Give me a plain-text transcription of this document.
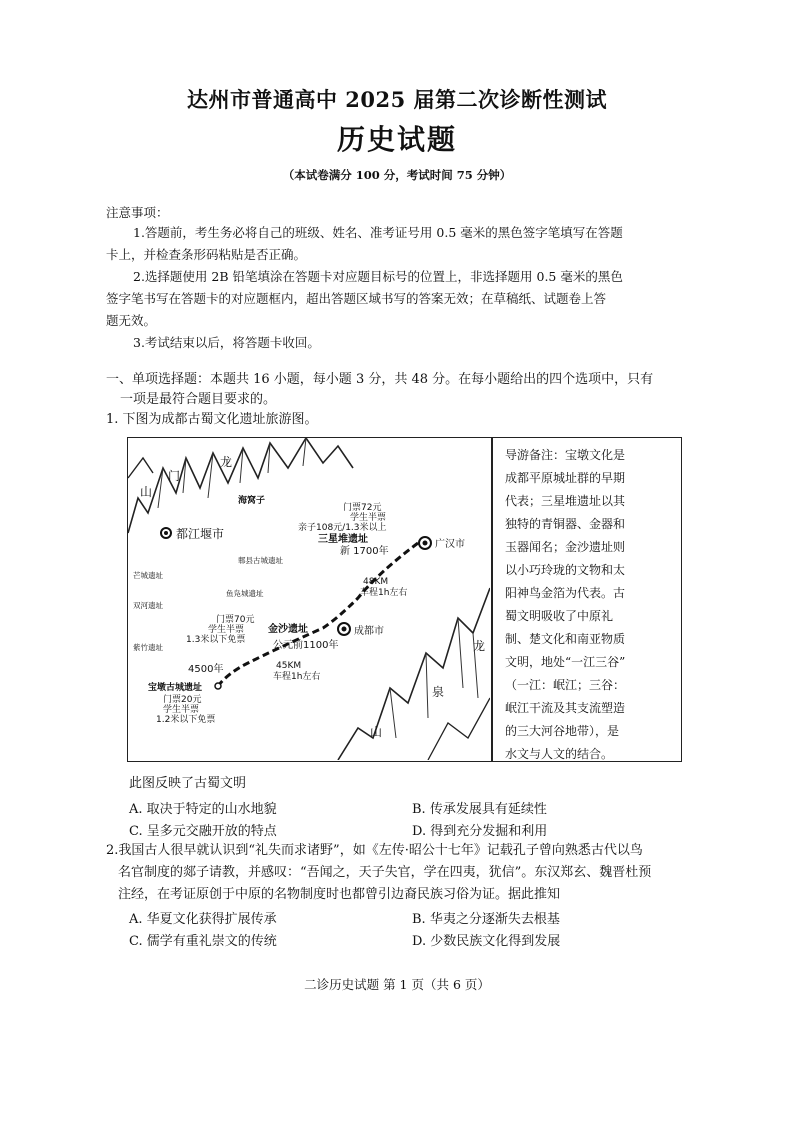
达州市普通高中 2025 届第二次诊断性测试
历史试题
（本试卷满分 100 分，考试时间 75 分钟）
注意事项：
1.答题前，考生务必将自己的班级、姓名、准考证号用 0.5 毫米的黑色签字笔填写在答题
卡上，并检查条形码粘贴是否正确。
2.选择题使用 2B 铅笔填涂在答题卡对应题目标号的位置上，非选择题用 0.5 毫米的黑色
签字笔书写在答题卡的对应题框内，超出答题区域书写的答案无效；在草稿纸、试题卷上答
题无效。
3.考试结束以后，将答题卡收回。
一、单项选择题：本题共 16 小题，每小题 3 分，共 48 分。在每小题给出的四个选项中，只有
一项是最符合题目要求的。
1. 下图为成都古蜀文化遗址旅游图。
山
门
龙
海窝子
都江堰市
门票72元
学生半票
亲子108元/1.3米以上
三星堆遗址
新 1700年
广汉市
郫县古城遗址
芒城遗址
鱼凫城遗址
双河遗址
紫竹遗址
48KM
车程1h左右
门票70元
学生半票
1.3米以下免票
金沙遗址	成都市
公元前1100年
4500年	45KM
车程1h左右
宝墩古城遗址
门票20元
学生半票
1.2米以下免票
龙
泉
山
导游备注：宝墩文化是
成都平原城址群的早期
代表；三星堆遗址以其
独特的青铜器、金器和
玉器闻名；金沙遗址则
以小巧玲珑的文物和太
阳神鸟金箔为代表。古
蜀文明吸收了中原礼
制、楚文化和南亚物质
文明，地处“一江三谷”
（一江：岷江；三谷：
岷江干流及其支流塑造
的三大河谷地带），是
水文与人文的结合。
此图反映了古蜀文明
A. 取决于特定的山水地貌	B. 传承发展具有延续性
C. 呈多元交融开放的特点	D. 得到充分发掘和利用
2.我国古人很早就认识到“礼失而求诸野”，如《左传·昭公十七年》记载孔子曾向熟悉古代以鸟
名官制度的郯子请教，并感叹：“吾闻之，天子失官，学在四夷，犹信”。东汉郑玄、魏晋杜预
注经，在考证原创于中原的名物制度时也都曾引边裔民族习俗为证。据此推知
A. 华夏文化获得扩展传承	B. 华夷之分逐渐失去根基
C. 儒学有重礼崇文的传统	D. 少数民族文化得到发展
二诊历史试题 第 1 页（共 6 页）
